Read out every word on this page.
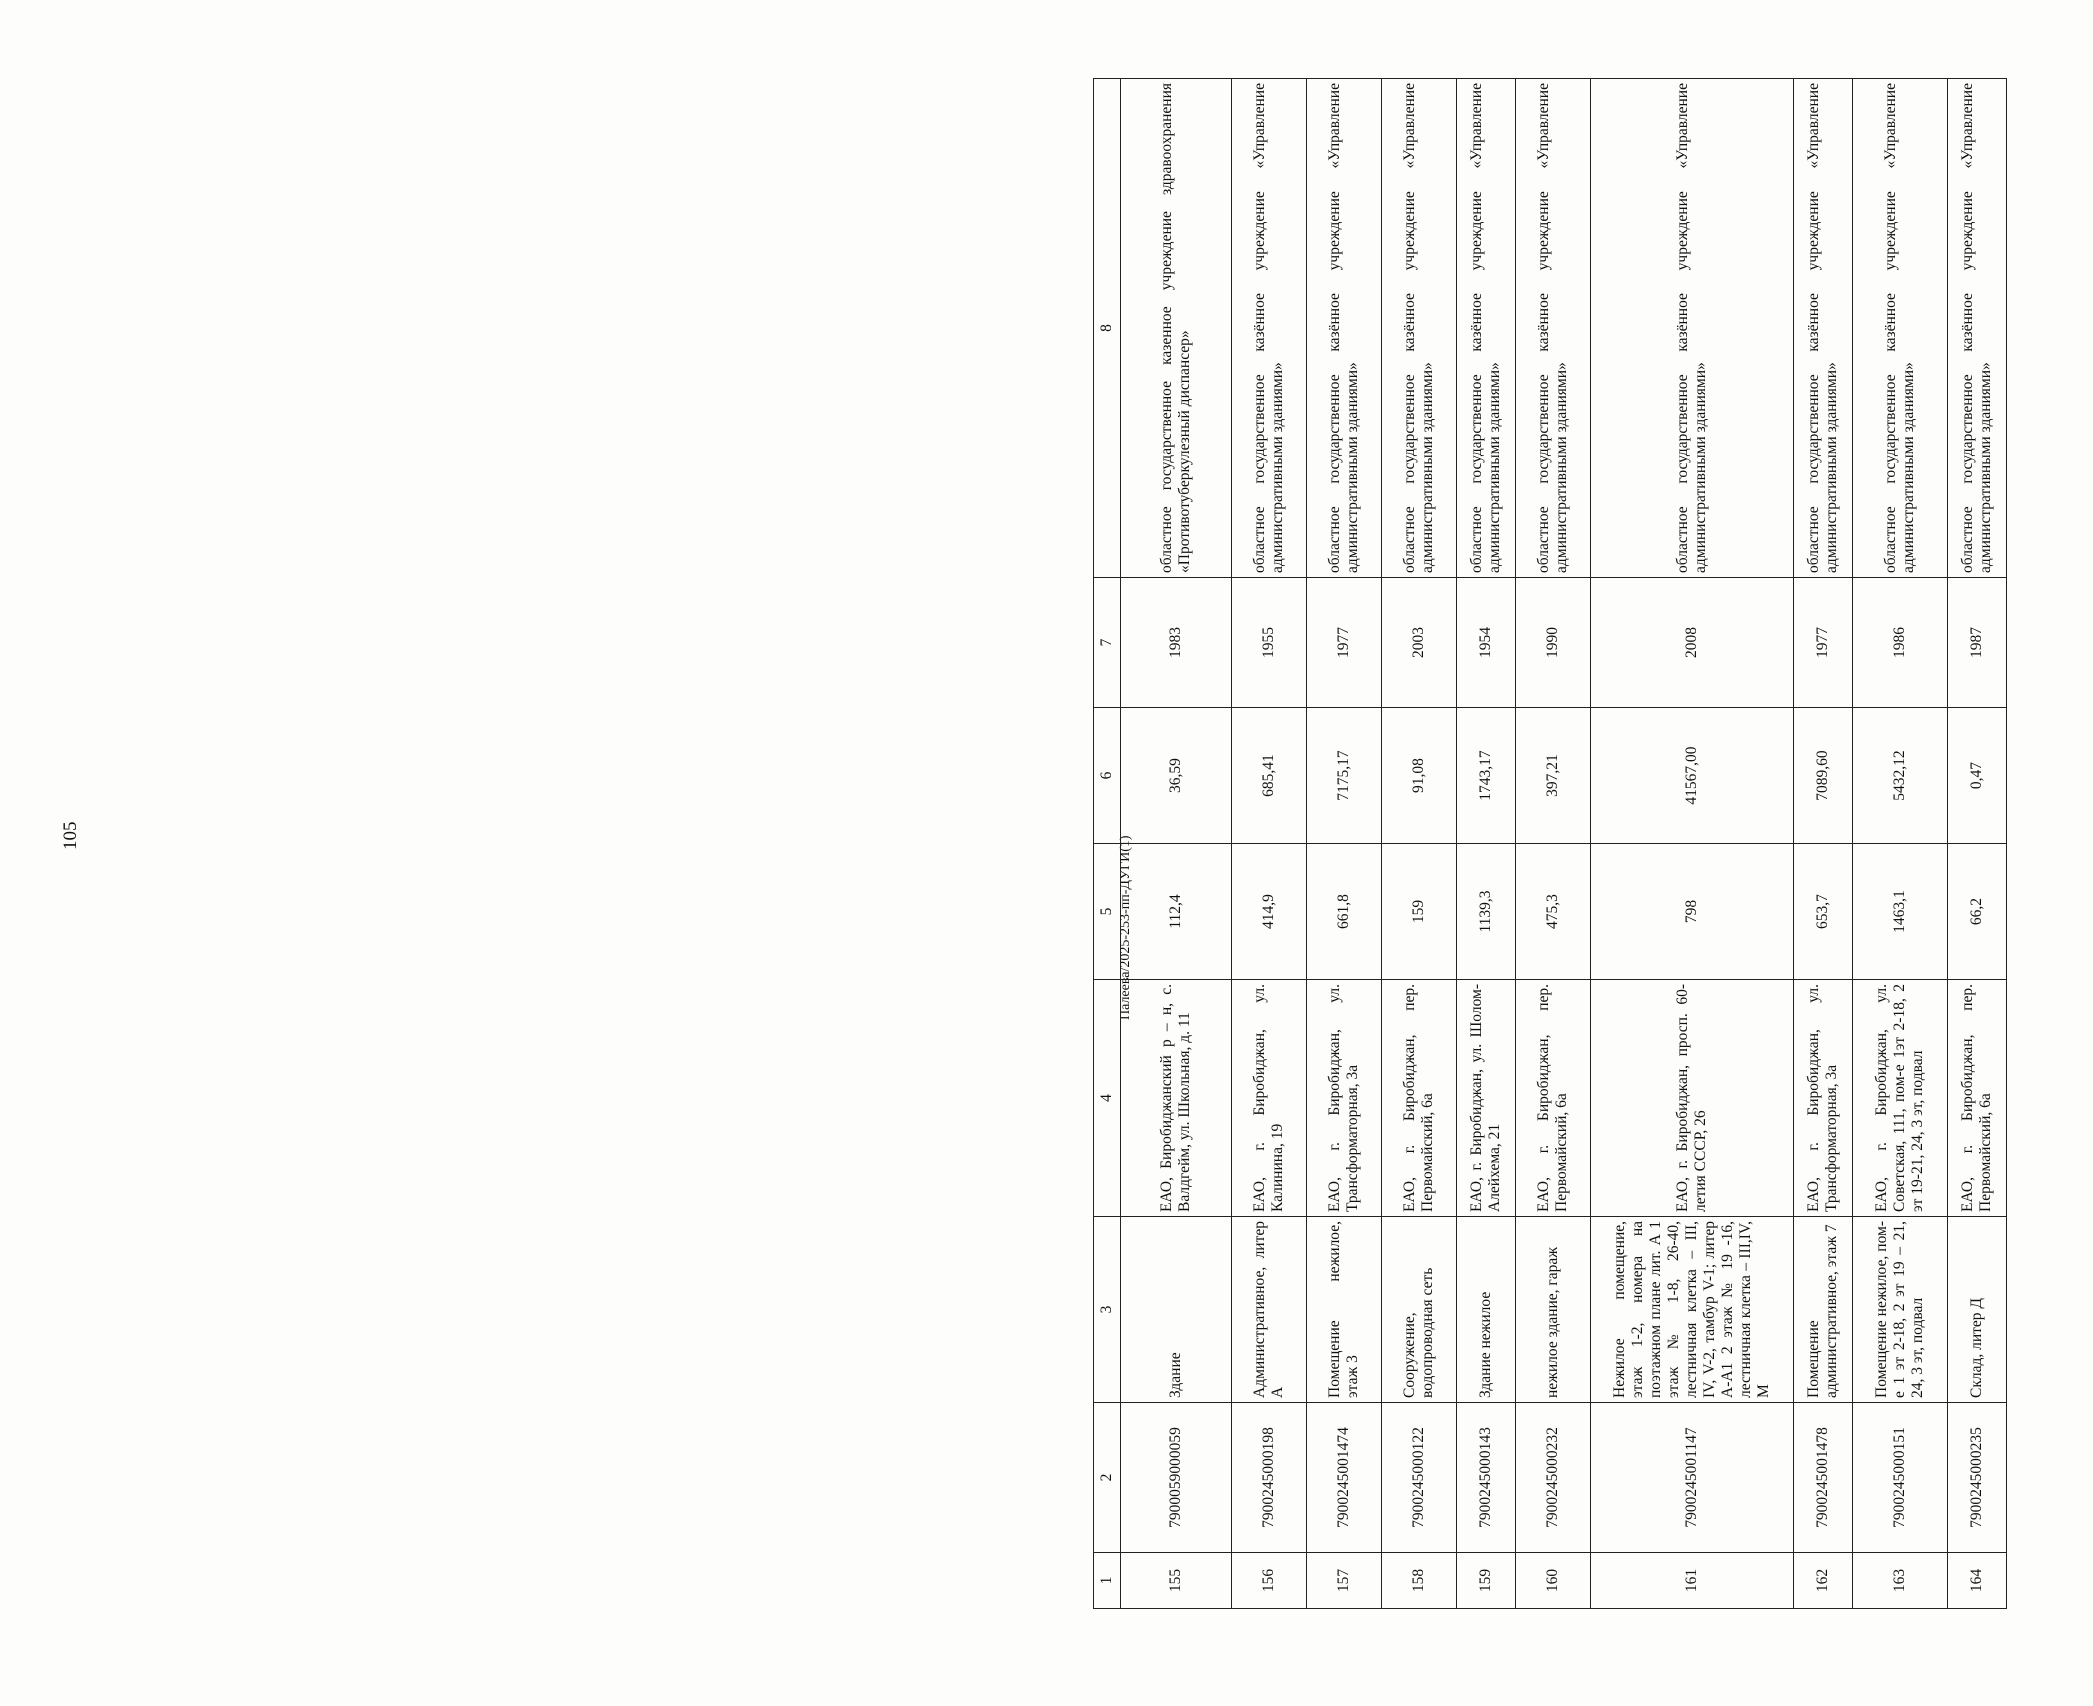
105	Палеева/2025-253-пп-ДУГИ(1)
1	2	3	4	5	6	7	8
155	7900059000059	Здание	ЕАО, Биробиджанский р – н, с. Валдгейм, ул. Школьная, д. 11	112,4	36,59	1983	областное государственное казенное учреждение здравоохранения «Противотуберкулезный диспансер»
156	7900245000198	Административное, литер А	ЕАО, г. Биробиджан, ул. Калинина, 19	414,9	685,41	1955	областное государственное казённое учреждение «Управление административными зданиями»
157	7900245001474	Помещение нежилое, этаж 3	ЕАО, г. Биробиджан, ул. Трансформаторная, 3а	661,8	7175,17	1977	областное государственное казённое учреждение «Управление административными зданиями»
158	7900245000122	Сооружение, водопроводная сеть	ЕАО, г. Биробиджан, пер. Первомайский, 6а	159	91,08	2003	областное государственное казённое учреждение «Управление административными зданиями»
159	7900245000143	Здание нежилое	ЕАО, г. Биробиджан, ул. Шолом-Алейхема, 21	1139,3	1743,17	1954	областное государственное казённое учреждение «Управление административными зданиями»
160	7900245000232	нежилое здание, гараж	ЕАО, г. Биробиджан, пер. Первомайский, 6а	475,3	397,21	1990	областное государственное казённое учреждение «Управление административными зданиями»
161	7900245001147	Нежилое помещение, этаж 1-2, номера на поэтажном плане лит. А 1 этаж № 1-8, 26-40, лестничная клетка – III, IV, V-2, тамбур V-1; литер А-А1 2 этаж № 19 -16, лестничная клетка – III,IV, M	ЕАО, г. Биробиджан, просп. 60-летия СССР, 26	798	41567,00	2008	областное государственное казённое учреждение «Управление административными зданиями»
162	7900245001478	Помещение административное, этаж 7	ЕАО, г. Биробиджан, ул. Трансформаторная, 3а	653,7	7089,60	1977	областное государственное казённое учреждение «Управление административными зданиями»
163	7900245000151	Помещение нежилое, пом-е 1 эт 2-18, 2 эт 19 – 21, 24, 3 эт, подвал	ЕАО, г. Биробиджан, ул. Советская, 111, пом-е 1эт 2-18, 2 эт 19-21, 24, 3 эт, подвал	1463,1	5432,12	1986	областное государственное казённое учреждение «Управление административными зданиями»
164	7900245000235	Склад, литер Д	ЕАО, г. Биробиджан, пер. Первомайский, 6а	66,2	0,47	1987	областное государственное казённое учреждение «Управление административными зданиями»
